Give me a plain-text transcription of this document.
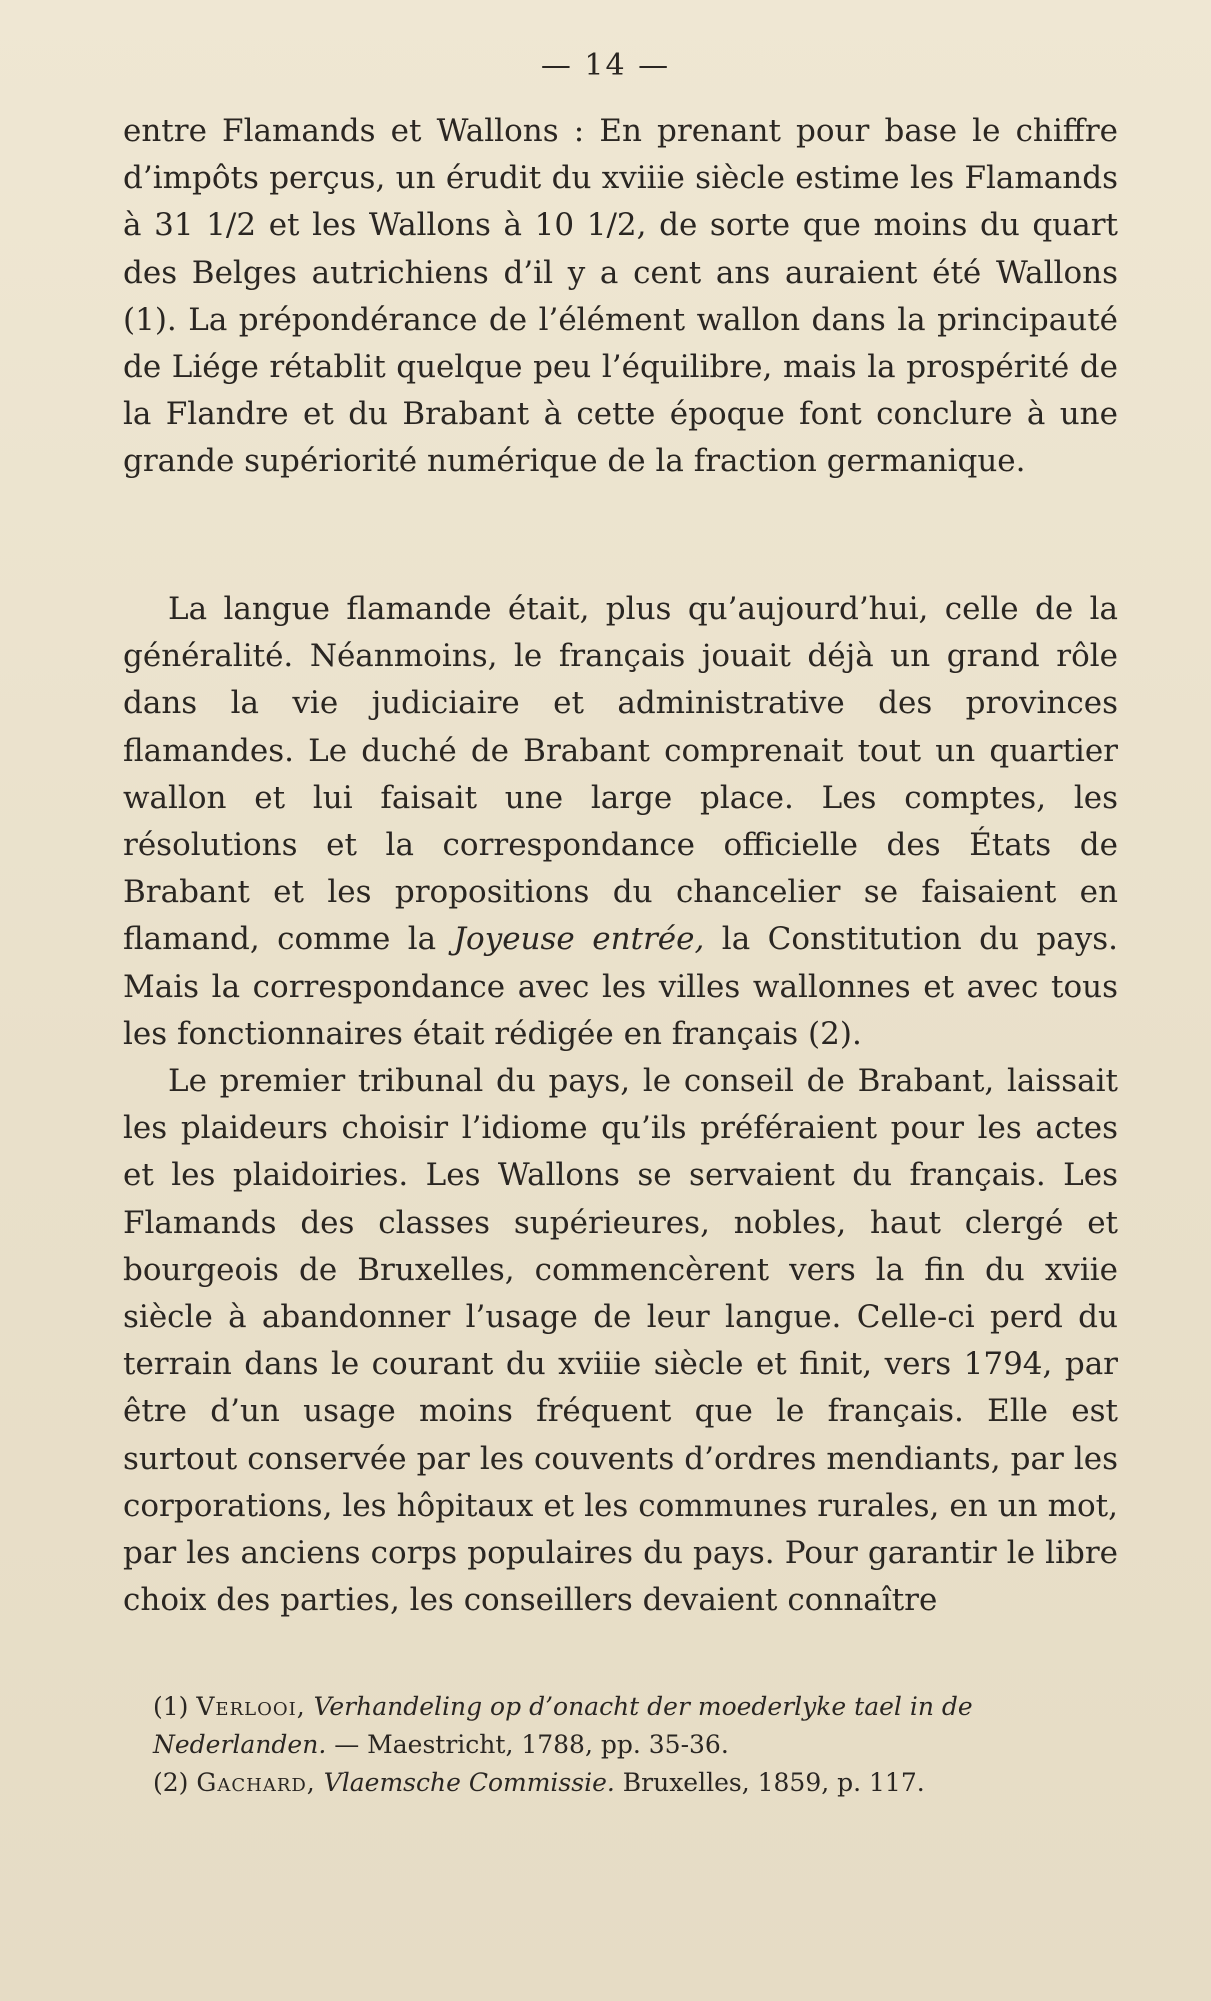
— 14 —

entre Flamands et Wallons : En prenant pour base le chiffre d’impôts perçus, un érudit du xviiie siècle estime les Flamands à 31 1/2 et les Wallons à 10 1/2, de sorte que moins du quart des Belges autrichiens d’il y a cent ans auraient été Wallons (1). La prépondérance de l’élément wallon dans la principauté de Liége rétablit quelque peu l’équilibre, mais la prospérité de la Flandre et du Brabant à cette époque font conclure à une grande supériorité numérique de la fraction germanique.

La langue flamande était, plus qu’aujourd’hui, celle de la généralité. Néanmoins, le français jouait déjà un grand rôle dans la vie judiciaire et administrative des provinces flamandes. Le duché de Brabant comprenait tout un quartier wallon et lui faisait une large place. Les comptes, les résolutions et la correspondance officielle des États de Brabant et les propositions du chancelier se faisaient en flamand, comme la Joyeuse entrée, la Constitution du pays. Mais la correspondance avec les villes wallonnes et avec tous les fonctionnaires était rédigée en français (2).

Le premier tribunal du pays, le conseil de Brabant, laissait les plaideurs choisir l’idiome qu’ils préféraient pour les actes et les plaidoiries. Les Wallons se servaient du français. Les Flamands des classes supérieures, nobles, haut clergé et bourgeois de Bruxelles, commencèrent vers la fin du xviie siècle à abandonner l’usage de leur langue. Celle-ci perd du terrain dans le courant du xviiie siècle et finit, vers 1794, par être d’un usage moins fréquent que le français. Elle est surtout conservée par les couvents d’ordres mendiants, par les corporations, les hôpitaux et les communes rurales, en un mot, par les anciens corps populaires du pays. Pour garantir le libre choix des parties, les conseillers devaient connaître

(1) Verlooi, Verhandeling op d’onacht der moederlyke tael in de Nederlanden. — Maestricht, 1788, pp. 35-36.

(2) Gachard, Vlaemsche Commissie. Bruxelles, 1859, p. 117.
